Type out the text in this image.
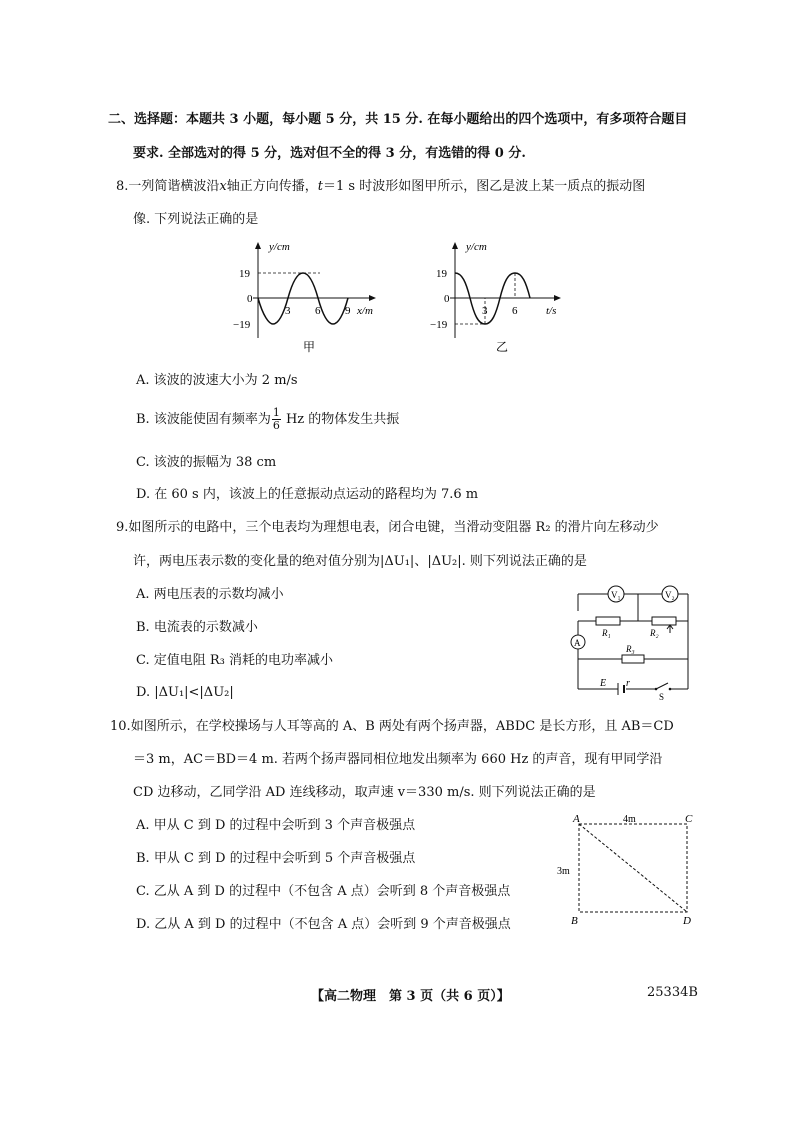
二、选择题：本题共 3 小题，每小题 5 分，共 15 分. 在每小题给出的四个选项中，有多项符合题目
要求. 全部选对的得 5 分，选对但不全的得 3 分，有选错的得 0 分.
8.一列简谐横波沿x轴正方向传播，t＝1 s 时波形如图甲所示，图乙是波上某一质点的振动图
像. 下列说法正确的是
y/cm
19
0
−19
3 6 9 x/m
甲
y/cm
19
0
−19
3 6	t/s
乙
A. 该波的波速大小为 2 m/s
B. 该波能使固有频率为 $\frac{1}{6}$ Hz 的物体发生共振
C. 该波的振幅为 38 cm
D. 在 60 s 内，该波上的任意振动点运动的路程均为 7.6 m
9.如图所示的电路中，三个电表均为理想电表，闭合电键，当滑动变阻器 R₂ 的滑片向左移动少
许，两电压表示数的变化量的绝对值分别为|ΔU₁|、|ΔU₂|. 则下列说法正确的是
A. 两电压表的示数均减小
B. 电流表的示数减小
C. 定值电阻 R₃ 消耗的电功率减小
D. |ΔU₁|<|ΔU₂|
V₁	V₂
A
R₁	R₂
R₃
E r
S
10.如图所示，在学校操场与人耳等高的 A、B 两处有两个扬声器，ABDC 是长方形，且 AB＝CD
＝3 m，AC＝BD＝4 m. 若两个扬声器同相位地发出频率为 660 Hz 的声音，现有甲同学沿
CD 边移动，乙同学沿 AD 连线移动，取声速 v＝330 m/s. 则下列说法正确的是
A. 甲从 C 到 D 的过程中会听到 3 个声音极强点
B. 甲从 C 到 D 的过程中会听到 5 个声音极强点
C. 乙从 A 到 D 的过程中（不包含 A 点）会听到 8 个声音极强点
D. 乙从 A 到 D 的过程中（不包含 A 点）会听到 9 个声音极强点
A	C
B	D
4m
3m
【高二物理　第 3 页（共 6 页）】	25334B
